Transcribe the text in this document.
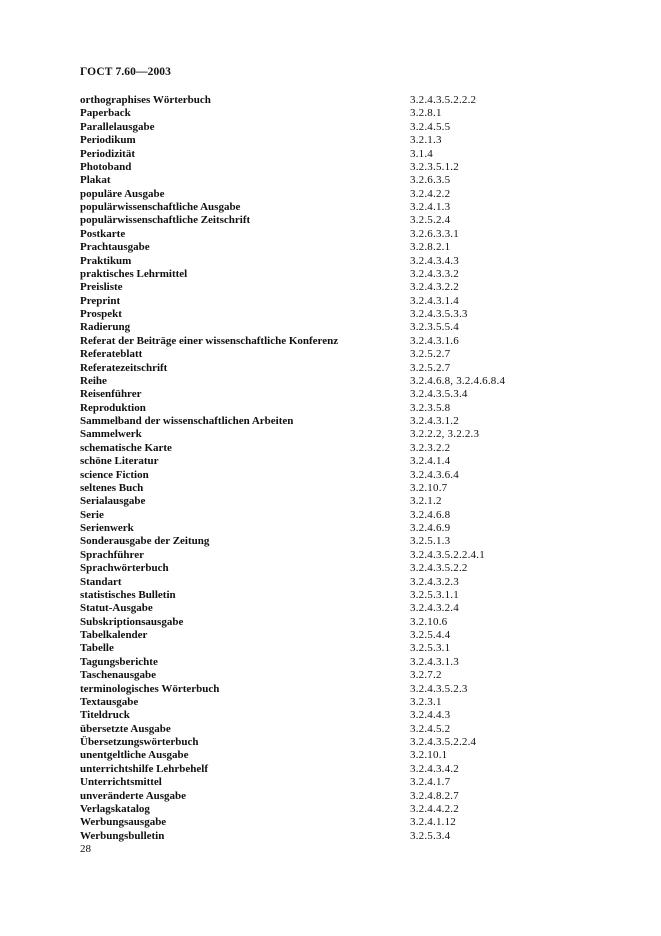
ГОСТ 7.60—2003
orthographises Wörterbuch	3.2.4.3.5.2.2.2
Paperback	3.2.8.1
Parallelausgabe	3.2.4.5.5
Periodikum	3.2.1.3
Periodizität	3.1.4
Photoband	3.2.3.5.1.2
Plakat	3.2.6.3.5
populäre Ausgabe	3.2.4.2.2
populärwissenschaftliche Ausgabe	3.2.4.1.3
populärwissenschaftliche Zeitschrift	3.2.5.2.4
Postkarte	3.2.6.3.3.1
Prachtausgabe	3.2.8.2.1
Praktikum	3.2.4.3.4.3
praktisches Lehrmittel	3.2.4.3.3.2
Preisliste	3.2.4.3.2.2
Preprint	3.2.4.3.1.4
Prospekt	3.2.4.3.5.3.3
Radierung	3.2.3.5.5.4
Referat der Beiträge einer wissenschaftliche Konferenz	3.2.4.3.1.6
Referateblatt	3.2.5.2.7
Referatezeitschrift	3.2.5.2.7
Reihe	3.2.4.6.8, 3.2.4.6.8.4
Reisenführer	3.2.4.3.5.3.4
Reproduktion	3.2.3.5.8
Sammelband der wissenschaftlichen Arbeiten	3.2.4.3.1.2
Sammelwerk	3.2.2.2, 3.2.2.3
schematische Karte	3.2.3.2.2
schöne Literatur	3.2.4.1.4
science Fiction	3.2.4.3.6.4
seltenes Buch	3.2.10.7
Serialausgabe	3.2.1.2
Serie	3.2.4.6.8
Serienwerk	3.2.4.6.9
Sonderausgabe der Zeitung	3.2.5.1.3
Sprachführer	3.2.4.3.5.2.2.4.1
Sprachwörterbuch	3.2.4.3.5.2.2
Standart	3.2.4.3.2.3
statistisches Bulletin	3.2.5.3.1.1
Statut-Ausgabe	3.2.4.3.2.4
Subskriptionsausgabe	3.2.10.6
Tabelkalender	3.2.5.4.4
Tabelle	3.2.5.3.1
Tagungsberichte	3.2.4.3.1.3
Taschenausgabe	3.2.7.2
terminologisches Wörterbuch	3.2.4.3.5.2.3
Textausgabe	3.2.3.1
Titeldruck	3.2.4.4.3
übersetzte Ausgabe	3.2.4.5.2
Übersetzungswörterbuch	3.2.4.3.5.2.2.4
unentgeltliche Ausgabe	3.2.10.1
unterrichtshilfe Lehrbehelf	3.2.4.3.4.2
Unterrichtsmittel	3.2.4.1.7
unveränderte Ausgabe	3.2.4.8.2.7
Verlagskatalog	3.2.4.4.2.2
Werbungsausgabe	3.2.4.1.12
Werbungsbulletin	3.2.5.3.4
28
